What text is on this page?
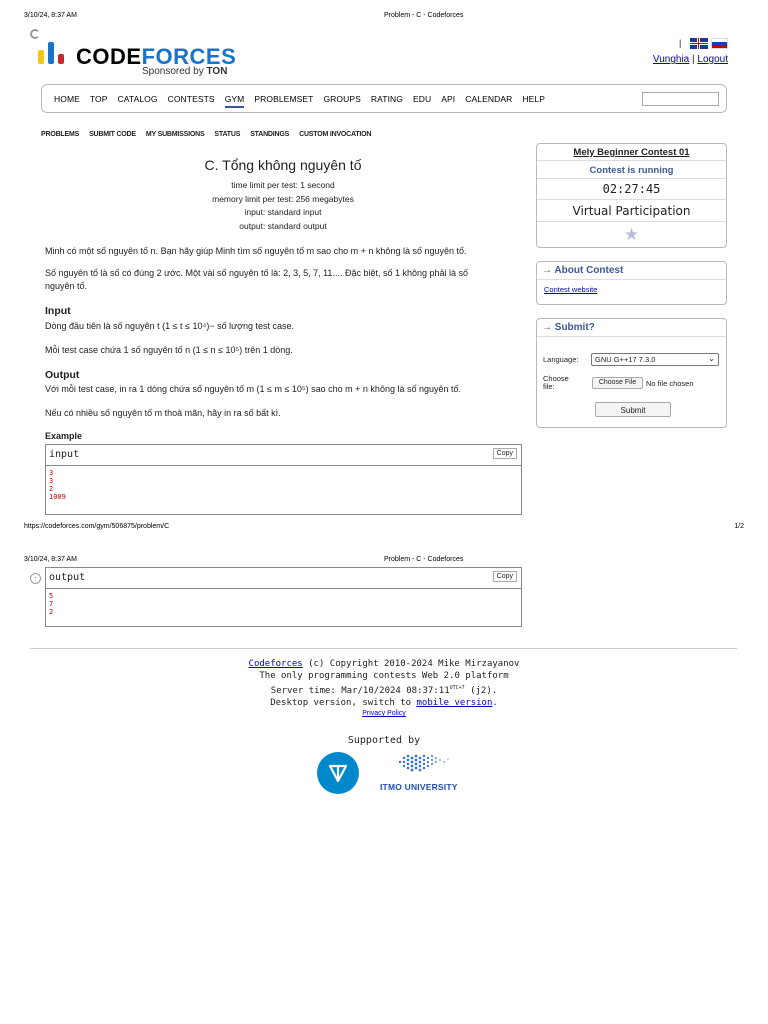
3/10/24, 8:37 AM	Problem - C - Codeforces
CODEFORCES
Sponsored by TON
|
Vunghia | Logout
HOME TOP CATALOG CONTESTS GYM PROBLEMSET GROUPS RATING EDU API CALENDAR HELP
PROBLEMS SUBMIT CODE MY SUBMISSIONS STATUS STANDINGS CUSTOM INVOCATION
C. Tổng không nguyên tố
time limit per test: 1 second
memory limit per test: 256 megabytes
input: standard input
output: standard output
Minh có một số nguyên tố n. Bạn hãy giúp Minh tìm số nguyên tố m sao cho m + n không là số nguyên tố.
Số nguyên tố là số có đúng 2 ước. Một vài số nguyên tố là: 2, 3, 5, 7, 11.... Đặc biệt, số 1 không phải là số
nguyên tố.
Input
Dòng đầu tiên là số nguyên t (1 ≤ t ≤ 10⁴)− số lượng test case.
Mỗi test case chứa 1 số nguyên tố n (1 ≤ n ≤ 10⁵) trên 1 dòng.
Output
Với mỗi test case, in ra 1 dòng chứa số nguyên tố m (1 ≤ m ≤ 10⁵) sao cho m + n không là số nguyên tố.
Nếu có nhiều số nguyên tố m thoả mãn, hãy in ra số bất kì.
Example
input	Copy
3
3
2
1009
https://codeforces.com/gym/506875/problem/C	1/2
Mely Beginner Contest 01
Contest is running
02:27:45
Virtual Participation
★
→ About Contest
Contest website
→ Submit?
Language:	GNU G++17 7.3.0	⌄
Choose
file:	Choose File	No file chosen
Submit
3/10/24, 8:37 AM	Problem - C - Codeforces
↑	output	Copy
5
7
2
Codeforces (c) Copyright 2010-2024 Mike Mirzayanov
The only programming contests Web 2.0 platform
Server time: Mar/10/2024 $08:37:11^{UTC+7}$ (j2).
Desktop version, switch to mobile version.
Privacy Policy
Supported by
ITMO UNIVERSITY
